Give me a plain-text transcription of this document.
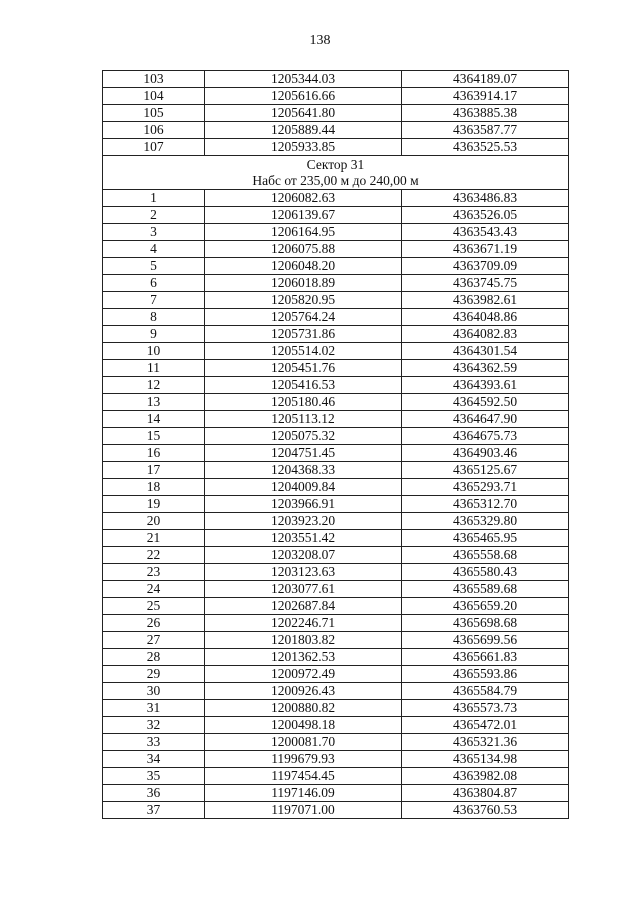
138
103	1205344.03	4364189.07
104	1205616.66	4363914.17
105	1205641.80	4363885.38
106	1205889.44	4363587.77
107	1205933.85	4363525.53

Сектор 31
Набс от 235,00 м до 240,00 м		

1	1206082.63	4363486.83
2	1206139.67	4363526.05
3	1206164.95	4363543.43
4	1206075.88	4363671.19
5	1206048.20	4363709.09
6	1206018.89	4363745.75
7	1205820.95	4363982.61
8	1205764.24	4364048.86
9	1205731.86	4364082.83
10	1205514.02	4364301.54
11	1205451.76	4364362.59
12	1205416.53	4364393.61
13	1205180.46	4364592.50
14	1205113.12	4364647.90
15	1205075.32	4364675.73
16	1204751.45	4364903.46
17	1204368.33	4365125.67
18	1204009.84	4365293.71
19	1203966.91	4365312.70
20	1203923.20	4365329.80
21	1203551.42	4365465.95
22	1203208.07	4365558.68
23	1203123.63	4365580.43
24	1203077.61	4365589.68
25	1202687.84	4365659.20
26	1202246.71	4365698.68
27	1201803.82	4365699.56
28	1201362.53	4365661.83
29	1200972.49	4365593.86
30	1200926.43	4365584.79
31	1200880.82	4365573.73
32	1200498.18	4365472.01
33	1200081.70	4365321.36
34	1199679.93	4365134.98
35	1197454.45	4363982.08
36	1197146.09	4363804.87
37	1197071.00	4363760.53
